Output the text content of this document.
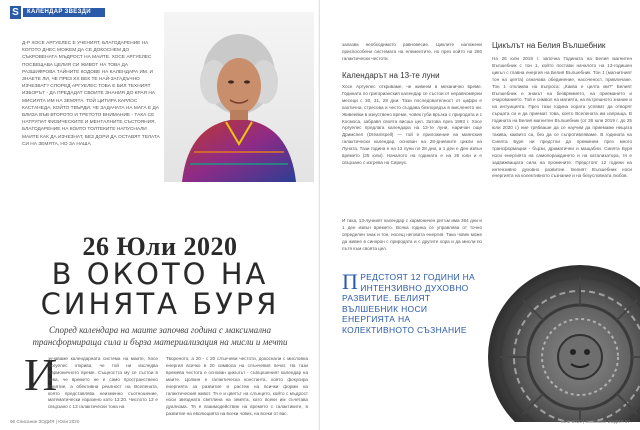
S	КАЛЕНДАР ЗВЕЗДИ
Д-Р ХОСЕ АРГУЕЛЕС Е УЧЕНИЯТ, БЛАГОДАРЕНИЕ НА КОГОТО ДНЕС МОЖЕМ ДА СЕ ДОКОСНЕМ ДО СЪКРОВЕНАТА МЪДРОСТ НА МАИТЕ. ХОСЕ АРГУЕЛЕС ПОСВЕЩАВА ЦЕЛИЯ СИ ЖИВОТ НА ТОВА ДА РАЗШИФРОВА ТАЙНИТЕ КОДОВЕ НА КАЛЕНДАРА ИМ. И ЗНАЕТЕ ЛИ, ЧЕ ПРЕЗ XX ВЕК ТЕ НАЙ-ЗАГАДЪЧНО ИЗЧЕЗВАТ? СПОРЕД АРГУЕЛЕС ТОВА Е БИЛ ТЕХНИЯТ ИЗБОРЪТ - ДА ПРЕДАДАТ СВОИТЕ ЗНАНИЯ ДО КРАЯ НА МИСИЯТА ИМ НА ЗЕМЯТА. ТОЙ ЦИТИРА КАРЛОС КАСТАНЕДА, КОЙТО ТВЪРДИ, ЧЕ ЗАДАЧАТА НА МАГА Е ДА ВЛИЗА ВЪВ ВТОРОТО И ТРЕТОТО ВНИМАНИЕ - ТАКА СЕ НАТРУПАТ ФИЗИЧЕСКИТЕ И МЕНТАЛНИТЕ СЪСТОЯНИЯ, БЛАГОДАРЕНИЕ НА КОИТО ТОЛТЕКИТЕ НАПУСНАЛИ МАИТЕ КАК ДА ИЗЧЕЗНАТ, БЕЗ ДОРИ ДА ОСТАВЯТ ТЕЛАТА СИ НА ЗЕМЯТА, НО ЗА НАША
26 Юли 2020
В ОКОТО НА
СИНЯТА БУРЯ
Според календара на маите започва година с максимална трансформираща сила и бърза материализация на мисли и мечти
И
зучаваме календарната система на маите, Хосе Аргуелес открива, че той ни изследва Хармоничното време. Същността му се състои в това, че времето не е само пространствено понятие, а обективна реалност на Вселената, която представлява неизменно съотношение, математически изразено като 13:20. Числото 13 е свързано с 13 галактически тона на
Твореното, а 20 - с 20 слънчеви честоти, докоснали с мисловна енергия всичко в 20 символа на слънчевия печат. На тази времева честота е основан цикълът - съвършеният календар на маите. Цолкин е галактическа константа, която фокусира енергията за развитие и растеж на всички форми на галактическия живот. Тя е и цветът на слънцето, който с мъдрост носи звездната светлина на земята, като всеки им съчетава дуализма. Тя е взаимодействие на времето с галактиките, в развитие на еволюцията на всеки човек, на всеки от вас.
96 Списание ЗОДИЯ | Юли 2020
запазва необходимото равновесие. Циклите наложени приспособени системата на елементите, но през който на 260 галактически честоти.
Календарът на 13-те луни
Хосе Аргуелес откриваме, че живеем в механично време. Годината по григорианския календар се състои от неравномерни месеци с 30, 31, 28 дни. Тази последователност от цифри е хаотична, стресова и често създава безпорядък в мисленето ни. Живеейки в изкуствено време, човек губи връзка с природата и с Космоса, забравя своята висша цел. Затова през 1993 г. Хосе Аргуелес предлага календара на 13-те луни, наричан още Дримспел (Dreamspell) — той е приложение на маянския галактически календар, основан на 28-дневните цикли на Луната. Тази година е на 13 луни по 28 дни, а 1 ден е Ден извън времето (25 юли). Началото на годината е на 26 юли и е свързано с изгрева на Сириус.
И така, 13-лунният календар с хармоничен ритъм има 364 дни и 1 ден извън времето. Всяка година се управлява от точно определен знак и тон, носещ неговата енергия. Така човек може да живее в синхрон с природата и с другите хора и да мисли по пътя към своята цел.
Цикълът на Белия Вълшебник
На 26 юли 2019 г. започна Годината на Белия магнитен Вълшебник с тон 1, който постави началото на 13-годишен цикъл с главна енергия на Белия Вълшебник. Тон 1 (магнитният тон на целта) означава обединение, насоченост, привличане. Тон 1 откликва на въпроса: „Каква е целта ми?“ Белият Вълшебник е знакът на безвремието, на приемането и очарованието. Той е символ на магията, на вътрешното знание и на интуицията. През тази година хората успяват да отворят сърцата си и да приемат това, което Вселената им изпраща. В годината на Белия магнитен Вълшебник (от 26 юли 2019 г. до 25 юли 2020 г.) ние трябваше да се научим да приемаме нещата такива, каквито са, без да се съпротивляваме. В годината на Синята Буря ни предстои да преминем през много трансформации - бързи, драматични и мащабни. Синята Буря носи енергията на самопораждането и на катализатора, тя е задвижващата сила на промените. Предстоят 12 години на интензивно духовно развитие. Белият Вълшебник носи енергията на колективното съзнание и на безусловната любов.
ПРЕДСТОЯТ 12 ГОДИНИ НА ИНТЕНЗИВНО ДУХОВНО РАЗВИТИЕ. БЕЛИЯТ ВЪЛШЕБНИК НОСИ ЕНЕРГИЯТА НА КОЛЕКТИВНОТО СЪЗНАНИЕ
Юли 2020 | Списание ЗОДИЯ 97
